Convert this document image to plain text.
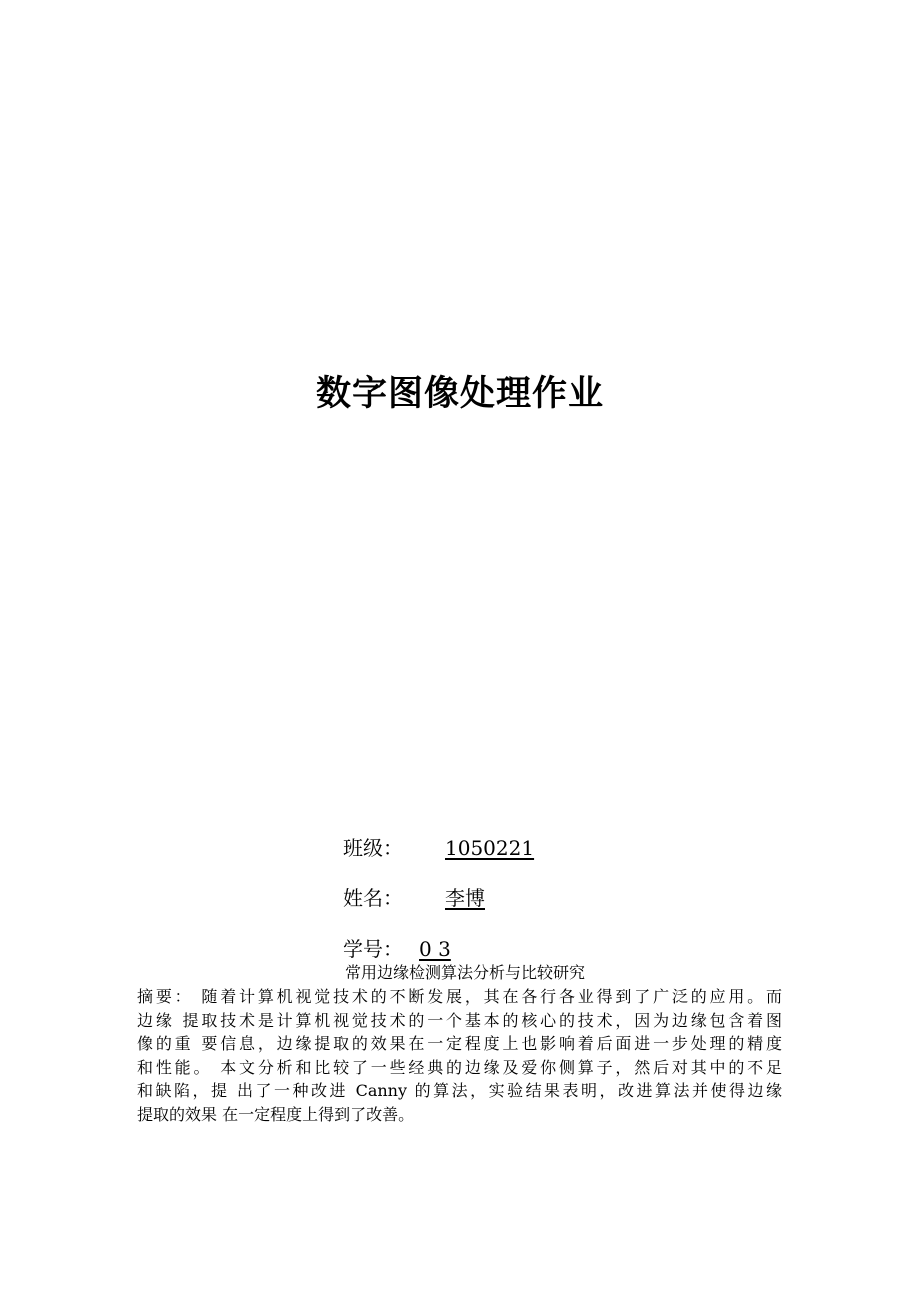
数字图像处理作业
班级： 1050221
姓名： 李博
学号： 0 3
常用边缘检测算法分析与比较研究
摘要： 随着计算机视觉技术的不断发展，其在各行各业得到了广泛的应用。而
边缘 提取技术是计算机视觉技术的一个基本的核心的技术，因为边缘包含着图
像的重 要信息，边缘提取的效果在一定程度上也影响着后面进一步处理的精度
和性能。 本文分析和比较了一些经典的边缘及爱你侧算子，然后对其中的不足
和缺陷，提 出了一种改进 Canny 的算法，实验结果表明，改进算法并使得边缘
提取的效果 在一定程度上得到了改善。
